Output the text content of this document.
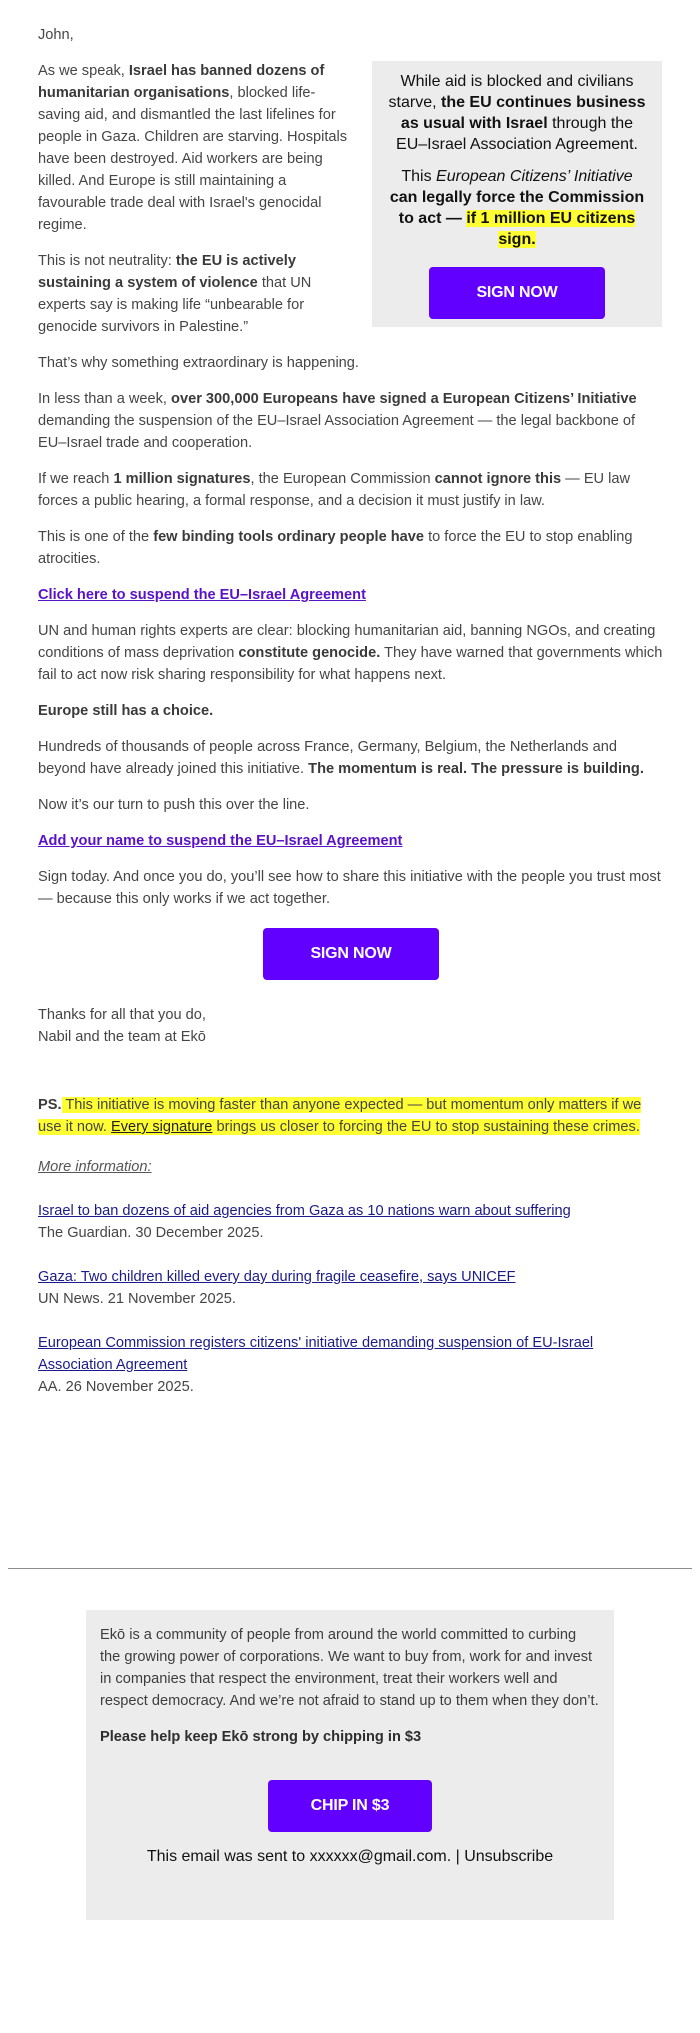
John,

While aid is blocked and civilians starve, the EU continues business as usual with Israel through the EU–Israel Association Agreement.

This European Citizens’ Initiative
can legally force the Commission to act — if 1 million EU citizens sign.

SIGN NOW

As we speak, Israel has banned dozens of humanitarian organisations, blocked life-saving aid, and dismantled the last lifelines for people in Gaza. Children are starving. Hospitals have been destroyed. Aid workers are being killed. And Europe is still maintaining a favourable trade deal with Israel's genocidal regime.

This is not neutrality: the EU is actively sustaining a system of violence that UN experts say is making life “unbearable for genocide survivors in Palestine.”

That’s why something extraordinary is happening.

In less than a week, over 300,000 Europeans have signed a European Citizens’ Initiative demanding the suspension of the EU–Israel Association Agreement — the legal backbone of EU–Israel trade and cooperation.

If we reach 1 million signatures, the European Commission cannot ignore this — EU law forces a public hearing, a formal response, and a decision it must justify in law.

This is one of the few binding tools ordinary people have to force the EU to stop enabling atrocities.

Click here to suspend the EU–Israel Agreement

UN and human rights experts are clear: blocking humanitarian aid, banning NGOs, and creating conditions of mass deprivation constitute genocide. They have warned that governments which fail to act now risk sharing responsibility for what happens next.

Europe still has a choice.

Hundreds of thousands of people across France, Germany, Belgium, the Netherlands and beyond have already joined this initiative. The momentum is real. The pressure is building.

Now it’s our turn to push this over the line.

Add your name to suspend the EU–Israel Agreement

Sign today. And once you do, you’ll see how to share this initiative with the people you trust most — because this only works if we act together.

SIGN NOW

Thanks for all that you do,

Nabil and the team at Ekō

PS. This initiative is moving faster than anyone expected — but momentum only matters if we use it now. Every signature brings us closer to forcing the EU to stop sustaining these crimes.

More information:

Israel to ban dozens of aid agencies from Gaza as 10 nations warn about suffering
The Guardian. 30 December 2025.

Gaza: Two children killed every day during fragile ceasefire, says UNICEF
UN News. 21 November 2025.

European Commission registers citizens' initiative demanding suspension of EU-Israel Association Agreement
AA. 26 November 2025.

Ekō is a community of people from around the world committed to curbing the growing power of corporations. We want to buy from, work for and invest in companies that respect the environment, treat their workers well and respect democracy. And we’re not afraid to stand up to them when they don’t.

Please help keep Ekō strong by chipping in $3

CHIP IN $3
This email was sent to xxxxxx@gmail.com. | Unsubscribe
